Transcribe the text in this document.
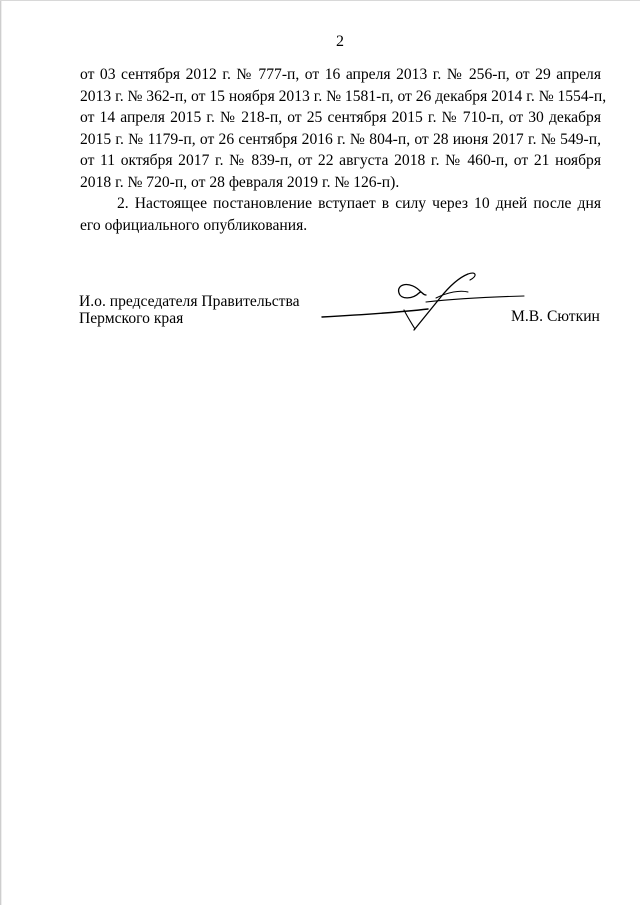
2
от 03 сентября 2012 г. № 777-п, от 16 апреля 2013 г. № 256-п, от 29 апреля
2013 г. № 362-п, от 15 ноября 2013 г. № 1581-п, от 26 декабря 2014 г. № 1554-п,
от 14 апреля 2015 г. № 218-п, от 25 сентября 2015 г. № 710-п, от 30 декабря
2015 г. № 1179-п, от 26 сентября 2016 г. № 804-п, от 28 июня 2017 г. № 549-п,
от 11 октября 2017 г. № 839-п, от 22 августа 2018 г. № 460-п, от 21 ноября
2018 г. № 720-п, от 28 февраля 2019 г. № 126-п).
2. Настоящее постановление вступает в силу через 10 дней после дня
его официального опубликования.
И.о. председателя Правительства
Пермского края	М.В. Сюткин
